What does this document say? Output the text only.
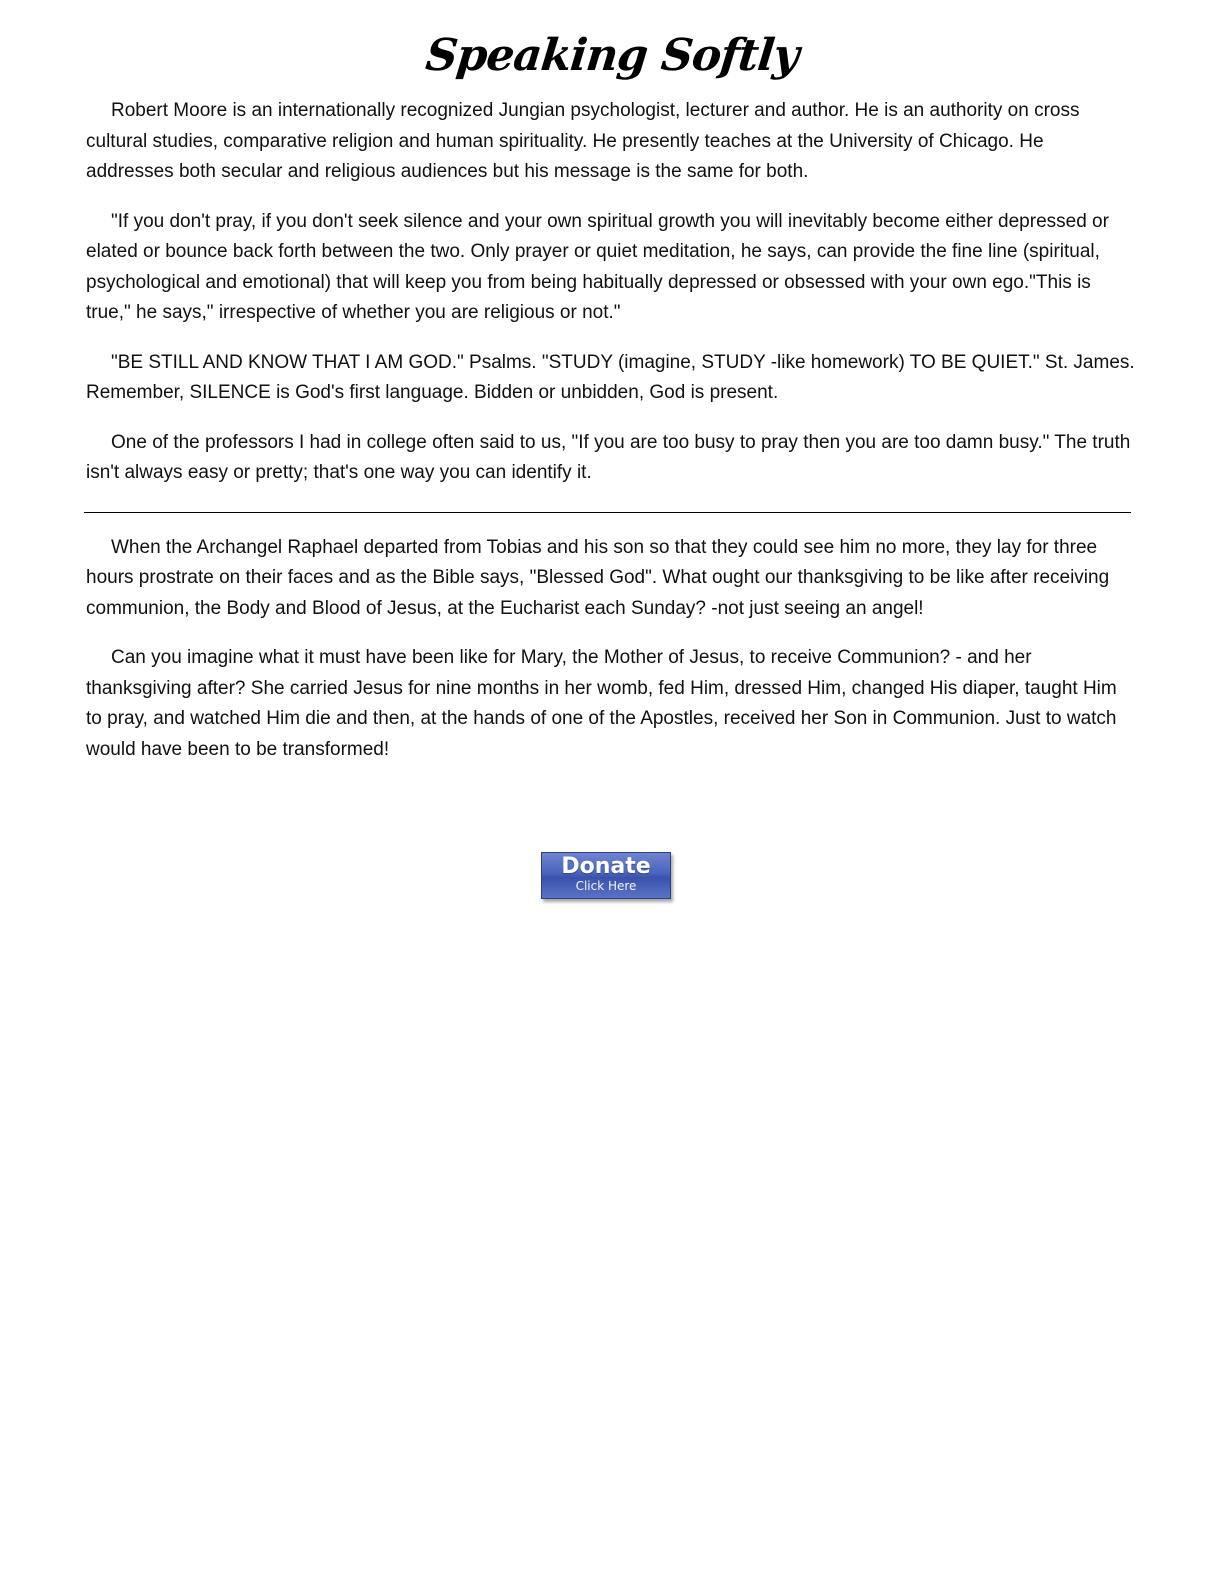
Speaking Softly

Robert Moore is an internationally recognized Jungian psychologist, lecturer and author. He is an authority on cross cultural studies, comparative religion and human spirituality. He presently teaches at the University of Chicago. He addresses both secular and religious audiences but his message is the same for both.

"If you don't pray, if you don't seek silence and your own spiritual growth you will inevitably become either depressed or elated or bounce back forth between the two. Only prayer or quiet meditation, he says, can provide the fine line (spiritual, psychological and emotional) that will keep you from being habitually depressed or obsessed with your own ego."This is true," he says," irrespective of whether you are religious or not."

"BE STILL AND KNOW THAT I AM GOD." Psalms. "STUDY (imagine, STUDY -like homework) TO BE QUIET." St. James. Remember, SILENCE is God's first language. Bidden or unbidden, God is present.

One of the professors I had in college often said to us, "If you are too busy to pray then you are too damn busy." The truth isn't always easy or pretty; that's one way you can identify it.

When the Archangel Raphael departed from Tobias and his son so that they could see him no more, they lay for three hours prostrate on their faces and as the Bible says, "Blessed God". What ought our thanksgiving to be like after receiving communion, the Body and Blood of Jesus, at the Eucharist each Sunday? -not just seeing an angel!

Can you imagine what it must have been like for Mary, the Mother of Jesus, to receive Communion? - and her thanksgiving after? She carried Jesus for nine months in her womb, fed Him, dressed Him, changed His diaper, taught Him to pray, and watched Him die and then, at the hands of one of the Apostles, received her Son in Communion. Just to watch would have been to be transformed!

Donate
Click Here
